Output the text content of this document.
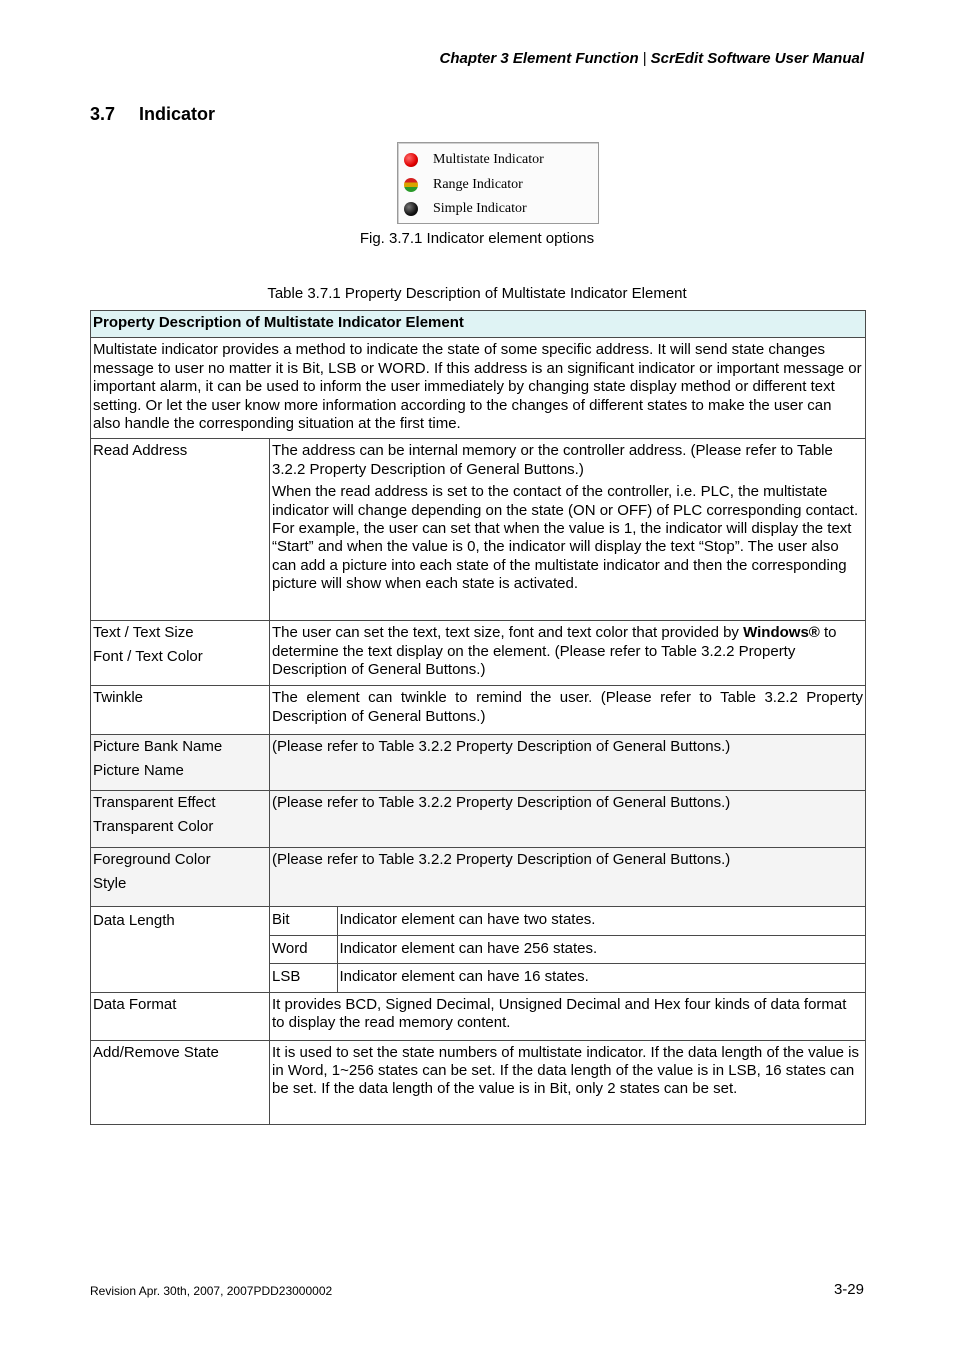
Chapter 3 Element Function | ScrEdit Software User Manual
3.7 Indicator
Multistate Indicator
Range Indicator
Simple Indicator
Fig. 3.7.1 Indicator element options
Table 3.7.1 Property Description of Multistate Indicator Element
Property Description of Multistate Indicator Element
Multistate indicator provides a method to indicate the state of some specific address. It will send state changes message to user no matter it is Bit, LSB or WORD. If this address is an significant indicator or important message or important alarm, it can be used to inform the user immediately by changing state display method or different text setting. Or let the user know more information according to the changes of different states to make the user can also handle the corresponding situation at the first time.
Read Address	The address can be internal memory or the controller address. (Please refer to Table 3.2.2 Property Description of General Buttons.)
When the read address is set to the contact of the controller, i.e. PLC, the multistate indicator will change depending on the state (ON or OFF) of PLC corresponding contact. For example, the user can set that when the value is 1, the indicator will display the text “Start” and when the value is 0, the indicator will display the text “Stop”. The user also can add a picture into each state of the multistate indicator and then the corresponding picture will show when each state is activated.

Text / Text Size
Font / Text Color
	The user can set the text, text size, font and text color that provided by Windows® to determine the text display on the element. (Please refer to Table 3.2.2 Property Description of General Buttons.)
Twinkle	The element can twinkle to remind the user. (Please refer to Table 3.2.2 Property Description of General Buttons.)

Picture Bank Name
Picture Name
	(Please refer to Table 3.2.2 Property Description of General Buttons.)

Transparent Effect
Transparent Color
	(Please refer to Table 3.2.2 Property Description of General Buttons.)

Foreground Color
Style
	(Please refer to Table 3.2.2 Property Description of General Buttons.)
Data Length		Bit	Indicator element can have two states.
Word	Indicator element can have 256 states.
LSB	Indicator element can have 16 states.

Data Format	It provides BCD, Signed Decimal, Unsigned Decimal and Hex four kinds of data format to display the read memory content.
Add/Remove State	It is used to set the state numbers of multistate indicator. If the data length of the value is in Word, 1~256 states can be set. If the data length of the value is in LSB, 16 states can be set. If the data length of the value is in Bit, only 2 states can be set.
Revision Apr. 30th, 2007, 2007PDD23000002	3-29
